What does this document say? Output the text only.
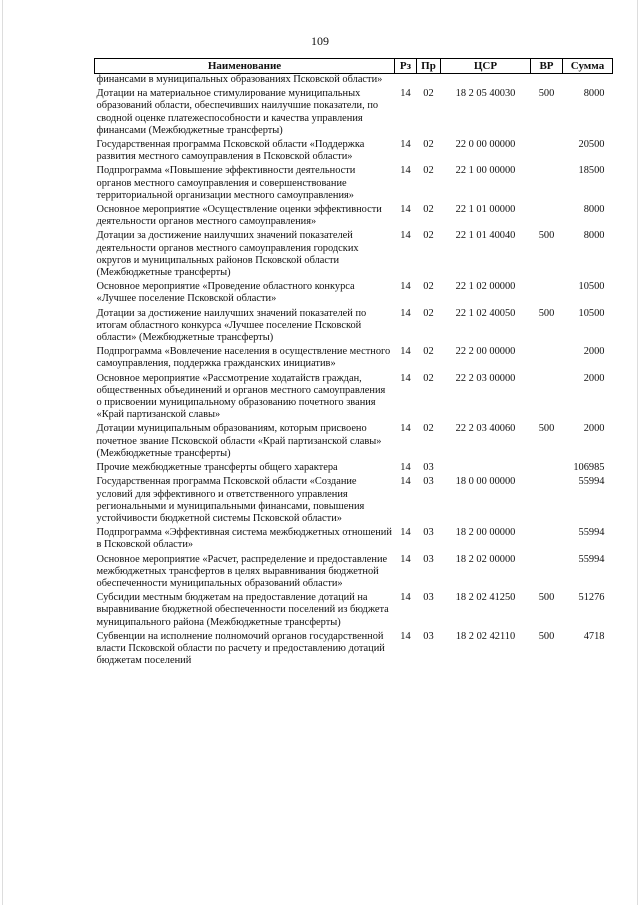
109
Наименование	Рз	Пр	ЦСР	ВР	Сумма
финансами в муниципальных образованиях Псковской области»					
Дотации на материальное стимулирование муниципальных образований области, обеспечивших наилучшие показатели, по сводной оценке платежеспособности и качества управления финансами (Межбюджетные трансферты)	14	02	18 2 05 40030	500	8000
Государственная программа Псковской области «Поддержка развития местного самоуправления в Псковской области»	14	02	22 0 00 00000		20500
Подпрограмма «Повышение эффективности деятельности органов местного самоуправления и совершенствование территориальной организации местного самоуправления»	14	02	22 1 00 00000		18500
Основное мероприятие «Осуществление оценки эффективности деятельности органов местного самоуправления»	14	02	22 1 01 00000		8000
Дотации за достижение наилучших значений показателей деятельности органов местного самоуправления городских округов и муниципальных районов Псковской области (Межбюджетные трансферты)	14	02	22 1 01 40040	500	8000
Основное мероприятие «Проведение областного конкурса «Лучшее поселение Псковской области»	14	02	22 1 02 00000		10500
Дотации за достижение наилучших значений показателей по итогам областного конкурса «Лучшее поселение Псковской области» (Межбюджетные трансферты)	14	02	22 1 02 40050	500	10500
Подпрограмма «Вовлечение населения в осуществление местного самоуправления, поддержка гражданских инициатив»	14	02	22 2 00 00000		2000
Основное мероприятие «Рассмотрение ходатайств граждан, общественных объединений и органов местного самоуправления о присвоении муниципальному образованию почетного звания «Край партизанской славы»	14	02	22 2 03 00000		2000
Дотации муниципальным образованиям, которым присвоено почетное звание Псковской области «Край партизанской славы» (Межбюджетные трансферты)	14	02	22 2 03 40060	500	2000
Прочие межбюджетные трансферты общего характера	14	03			106985
Государственная программа Псковской области «Создание условий для эффективного и ответственного управления региональными и муниципальными финансами, повышения устойчивости бюджетной системы Псковской области»	14	03	18 0 00 00000		55994
Подпрограмма «Эффективная система межбюджетных отношений в Псковской области»	14	03	18 2 00 00000		55994
Основное мероприятие «Расчет, распределение и предоставление межбюджетных трансфертов в целях выравнивания бюджетной обеспеченности муниципальных образований области»	14	03	18 2 02 00000		55994
Субсидии местным бюджетам на предоставление дотаций на выравнивание бюджетной обеспеченности поселений из бюджета муниципального района (Межбюджетные трансферты)	14	03	18 2 02 41250	500	51276
Субвенции на исполнение полномочий органов государственной власти Псковской области по расчету и предоставлению дотаций бюджетам поселений	14	03	18 2 02 42110	500	4718
